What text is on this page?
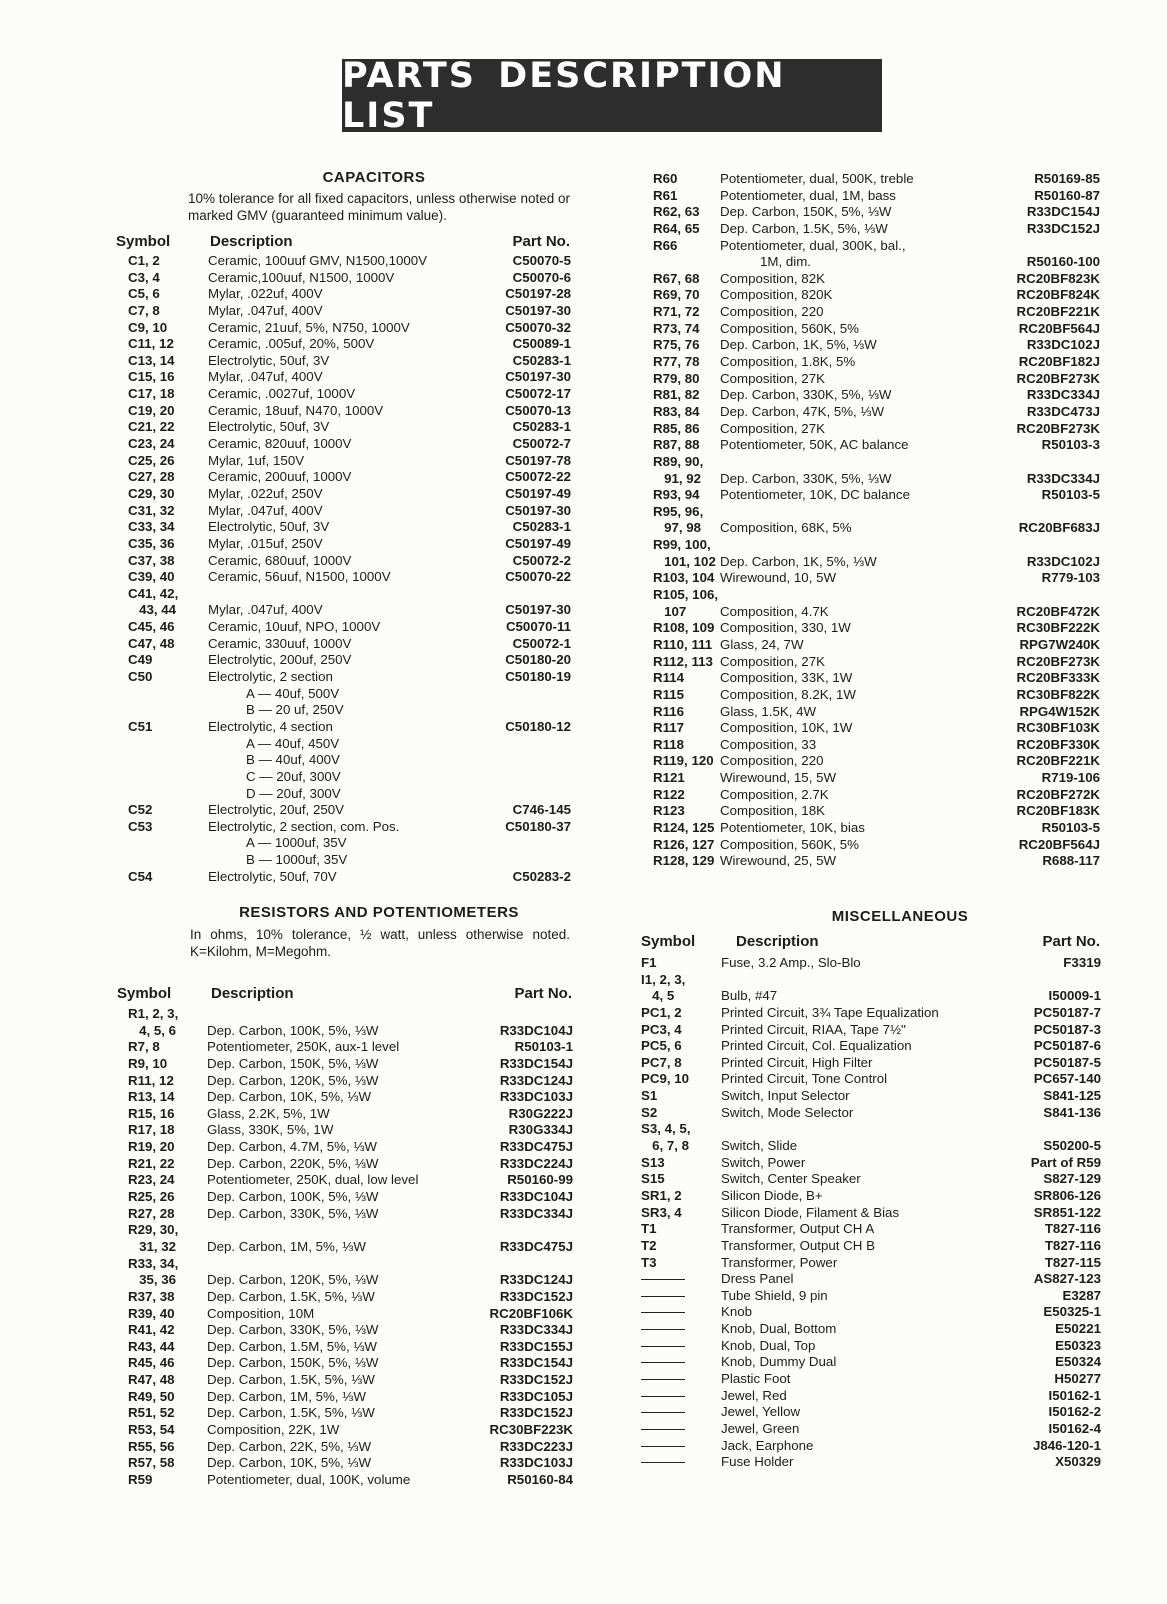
PARTS DESCRIPTION LIST
CAPACITORS
10% tolerance for all fixed capacitors, unless otherwise noted or marked GMV (guaranteed minimum value).
Symbol	Description	Part No.
C1, 2	Ceramic, 100uuf GMV, N1500,1000V	C50070-5
C3, 4	Ceramic,100uuf, N1500, 1000V	C50070-6
C5, 6	Mylar, .022uf, 400V	C50197-28
C7, 8	Mylar, .047uf, 400V	C50197-30
C9, 10	Ceramic, 21uuf, 5%, N750, 1000V	C50070-32
C11, 12	Ceramic, .005uf, 20%, 500V	C50089-1
C13, 14	Electrolytic, 50uf, 3V	C50283-1
C15, 16	Mylar, .047uf, 400V	C50197-30
C17, 18	Ceramic, .0027uf, 1000V	C50072-17
C19, 20	Ceramic, 18uuf, N470, 1000V	C50070-13
C21, 22	Electrolytic, 50uf, 3V	C50283-1
C23, 24	Ceramic, 820uuf, 1000V	C50072-7
C25, 26	Mylar, 1uf, 150V	C50197-78
C27, 28	Ceramic, 200uuf, 1000V	C50072-22
C29, 30	Mylar, .022uf, 250V	C50197-49
C31, 32	Mylar, .047uf, 400V	C50197-30
C33, 34	Electrolytic, 50uf, 3V	C50283-1
C35, 36	Mylar, .015uf, 250V	C50197-49
C37, 38	Ceramic, 680uuf, 1000V	C50072-2
C39, 40	Ceramic, 56uuf, N1500, 1000V	C50070-22
C41, 42,
43, 44 Mylar, .047uf, 400V	C50197-30
C45, 46	Ceramic, 10uuf, NPO, 1000V	C50070-11
C47, 48	Ceramic, 330uuf, 1000V	C50072-1
C49	Electrolytic, 200uf, 250V	C50180-20
C50	Electrolytic, 2 section	C50180-19
A — 40uf, 500V
B — 20 uf, 250V
C51	Electrolytic, 4 section	C50180-12
A — 40uf, 450V
B — 40uf, 400V
C — 20uf, 300V
D — 20uf, 300V
C52	Electrolytic, 20uf, 250V	C746-145
C53	Electrolytic, 2 section, com. Pos.	C50180-37
A — 1000uf, 35V
B — 1000uf, 35V
C54	Electrolytic, 50uf, 70V	C50283-2
RESISTORS AND POTENTIOMETERS
In ohms, 10% tolerance, ½ watt, unless otherwise noted. K=Kilohm, M=Megohm.
Symbol	Description	Part No.
R1, 2, 3,
4, 5, 6 Dep. Carbon, 100K, 5%, ⅓W	R33DC104J
R7, 8	Potentiometer, 250K, aux-1 level	R50103-1
R9, 10	Dep. Carbon, 150K, 5%, ⅓W	R33DC154J
R11, 12 Dep. Carbon, 120K, 5%, ⅓W	R33DC124J
R13, 14 Dep. Carbon, 10K, 5%, ⅓W	R33DC103J
R15, 16 Glass, 2.2K, 5%, 1W	R30G222J
R17, 18 Glass, 330K, 5%, 1W	R30G334J
R19, 20 Dep. Carbon, 4.7M, 5%, ⅓W	R33DC475J
R21, 22 Dep. Carbon, 220K, 5%, ⅓W	R33DC224J
R23, 24 Potentiometer, 250K, dual, low level	R50160-99
R25, 26 Dep. Carbon, 100K, 5%, ⅓W	R33DC104J
R27, 28 Dep. Carbon, 330K, 5%, ⅓W	R33DC334J
R29, 30,
31, 32 Dep. Carbon, 1M, 5%, ⅓W	R33DC475J
R33, 34,
35, 36 Dep. Carbon, 120K, 5%, ⅓W	R33DC124J
R37, 38 Dep. Carbon, 1.5K, 5%, ⅓W	R33DC152J
R39, 40 Composition, 10M	RC20BF106K
R41, 42 Dep. Carbon, 330K, 5%, ⅓W	R33DC334J
R43, 44 Dep. Carbon, 1.5M, 5%, ⅓W	R33DC155J
R45, 46 Dep. Carbon, 150K, 5%, ⅓W	R33DC154J
R47, 48 Dep. Carbon, 1.5K, 5%, ⅓W	R33DC152J
R49, 50 Dep. Carbon, 1M, 5%, ⅓W	R33DC105J
R51, 52 Dep. Carbon, 1.5K, 5%, ⅓W	R33DC152J
R53, 54 Composition, 22K, 1W	RC30BF223K
R55, 56 Dep. Carbon, 22K, 5%, ⅓W	R33DC223J
R57, 58 Dep. Carbon, 10K, 5%, ⅓W	R33DC103J
R59	Potentiometer, dual, 100K, volume	R50160-84
R60	Potentiometer, dual, 500K, treble	R50169-85
R61	Potentiometer, dual, 1M, bass	R50160-87
R62, 63 Dep. Carbon, 150K, 5%, ⅓W	R33DC154J
R64, 65 Dep. Carbon, 1.5K, 5%, ⅓W	R33DC152J
R66	Potentiometer, dual, 300K, bal.,
1M, dim.	R50160-100
R67, 68 Composition, 82K	RC20BF823K
R69, 70 Composition, 820K	RC20BF824K
R71, 72 Composition, 220	RC20BF221K
R73, 74 Composition, 560K, 5%	RC20BF564J
R75, 76 Dep. Carbon, 1K, 5%, ⅓W	R33DC102J
R77, 78 Composition, 1.8K, 5%	RC20BF182J
R79, 80 Composition, 27K	RC20BF273K
R81, 82 Dep. Carbon, 330K, 5%, ⅓W	R33DC334J
R83, 84 Dep. Carbon, 47K, 5%, ⅓W	R33DC473J
R85, 86 Composition, 27K	RC20BF273K
R87, 88 Potentiometer, 50K, AC balance	R50103-3
R89, 90,
91, 92 Dep. Carbon, 330K, 5%, ⅓W	R33DC334J
R93, 94 Potentiometer, 10K, DC balance	R50103-5
R95, 96,
97, 98 Composition, 68K, 5%	RC20BF683J
R99, 100,
101, 102 Dep. Carbon, 1K, 5%, ⅓W	R33DC102J
R103, 104 Wirewound, 10, 5W	R779-103
R105, 106,
107	Composition, 4.7K	RC20BF472K
R108, 109 Composition, 330, 1W	RC30BF222K
R110, 111 Glass, 24, 7W	RPG7W240K
R112, 113 Composition, 27K	RC20BF273K
R114	Composition, 33K, 1W	RC20BF333K
R115	Composition, 8.2K, 1W	RC30BF822K
R116	Glass, 1.5K, 4W	RPG4W152K
R117	Composition, 10K, 1W	RC30BF103K
R118	Composition, 33	RC20BF330K
R119, 120 Composition, 220	RC20BF221K
R121	Wirewound, 15, 5W	R719-106
R122	Composition, 2.7K	RC20BF272K
R123	Composition, 18K	RC20BF183K
R124, 125 Potentiometer, 10K, bias	R50103-5
R126, 127 Composition, 560K, 5%	RC20BF564J
R128, 129 Wirewound, 25, 5W	R688-117
MISCELLANEOUS
Symbol	Description	Part No.
F1	Fuse, 3.2 Amp., Slo-Blo	F3319
I1, 2, 3,
4, 5	Bulb, #47	I50009-1
PC1, 2	Printed Circuit, 3¾ Tape Equalization	PC50187-7
PC3, 4	Printed Circuit, RIAA, Tape 7½"	PC50187-3
PC5, 6	Printed Circuit, Col. Equalization	PC50187-6
PC7, 8	Printed Circuit, High Filter	PC50187-5
PC9, 10 Printed Circuit, Tone Control	PC657-140
S1	Switch, Input Selector	S841-125
S2	Switch, Mode Selector	S841-136
S3, 4, 5,
6, 7, 8 Switch, Slide	S50200-5
S13	Switch, Power	Part of R59
S15	Switch, Center Speaker	S827-129
SR1, 2	Silicon Diode, B+	SR806-126
SR3, 4	Silicon Diode, Filament & Bias	SR851-122
T1	Transformer, Output CH A	T827-116
T2	Transformer, Output CH B	T827-116
T3	Transformer, Power	T827-115
Dress Panel	AS827-123
Tube Shield, 9 pin	E3287
Knob	E50325-1
Knob, Dual, Bottom	E50221
Knob, Dual, Top	E50323
Knob, Dummy Dual	E50324
Plastic Foot	H50277
Jewel, Red	I50162-1
Jewel, Yellow	I50162-2
Jewel, Green	I50162-4
Jack, Earphone	J846-120-1
Fuse Holder	X50329
